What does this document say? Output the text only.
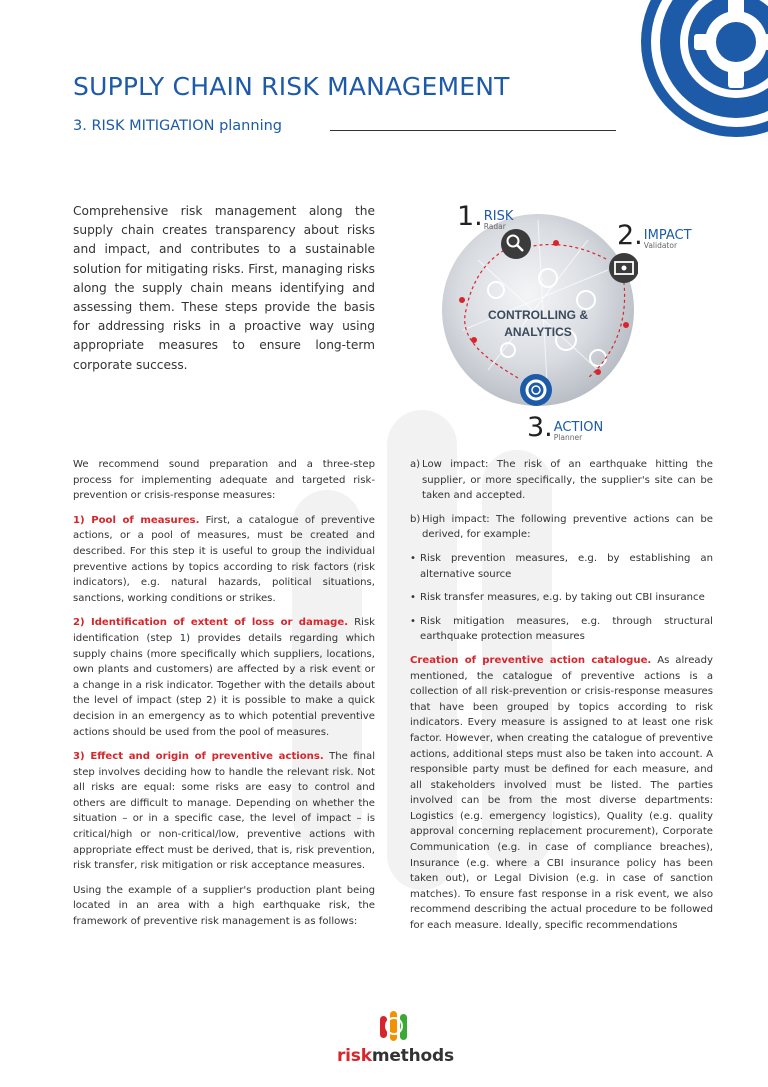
SUPPLY CHAIN RISK MANAGEMENT
3. RISK MITIGATION planning
Comprehensive risk management along the supply chain creates transparency about risks and impact, and contributes to a sustainable solution for mitigating risks. First, managing risks along the supply chain means identifying and assessing them. These steps provide the basis for addressing risks in a proactive way using appropriate measures to ensure long-term corporate success.
CONTROLLING &
ANALYTICS
1. RISK
Radar	2. IMPACT
Validator
3. ACTION
Planner

We recommend sound preparation and a three-step process for implementing adequate and targeted risk-prevention or crisis-response measures:

1) Pool of measures. First, a catalogue of preventive actions, or a pool of measures, must be created and described. For this step it is useful to group the individual preventive actions by topics according to risk factors (risk indicators), e.g. natural hazards, political situations, sanctions, working conditions or strikes.

2) Identification of extent of loss or damage. Risk identification (step 1) provides details regarding which supply chains (more specifically which suppliers, locations, own plants and customers) are affected by a risk event or a change in a risk indicator. Together with the details about the level of impact (step 2) it is possible to make a quick decision in an emergency as to which potential preventive actions should be used from the pool of measures.

3) Effect and origin of preventive actions. The final step involves deciding how to handle the relevant risk. Not all risks are equal: some risks are easy to control and others are difficult to manage. Depending on whether the situation – or in a specific case, the level of impact – is critical/high or non-critical/low, preventive actions with appropriate effect must be derived, that is, risk prevention, risk transfer, risk mitigation or risk acceptance measures.

Using the example of a supplier's production plant being located in an area with a high earthquake risk, the framework of preventive risk management is as follows:

a) Low impact: The risk of an earthquake hitting the supplier, or more specifically, the supplier's site can be taken and accepted.
b) High impact: The following preventive actions can be derived, for example:
• Risk prevention measures, e.g. by establishing an alternative source
• Risk transfer measures, e.g. by taking out CBI insurance
• Risk mitigation measures, e.g. through structural earthquake protection measures

Creation of preventive action catalogue. As already mentioned, the catalogue of preventive actions is a collection of all risk-prevention or crisis-response measures that have been grouped by topics according to risk indicators. Every measure is assigned to at least one risk factor. However, when creating the catalogue of preventive actions, additional steps must also be taken into account. A responsible party must be defined for each measure, and all stakeholders involved must be listed. The parties involved can be from the most diverse departments: Logistics (e.g. emergency logistics), Quality (e.g. quality approval concerning replacement procurement), Corporate Communication (e.g. in case of compliance breaches), Insurance (e.g. where a CBI insurance policy has been taken out), or Legal Division (e.g. in case of sanction matches). To ensure fast response in a risk event, we also recommend describing the actual procedure to be followed for each measure. Ideally, specific recommendations

riskmethods
